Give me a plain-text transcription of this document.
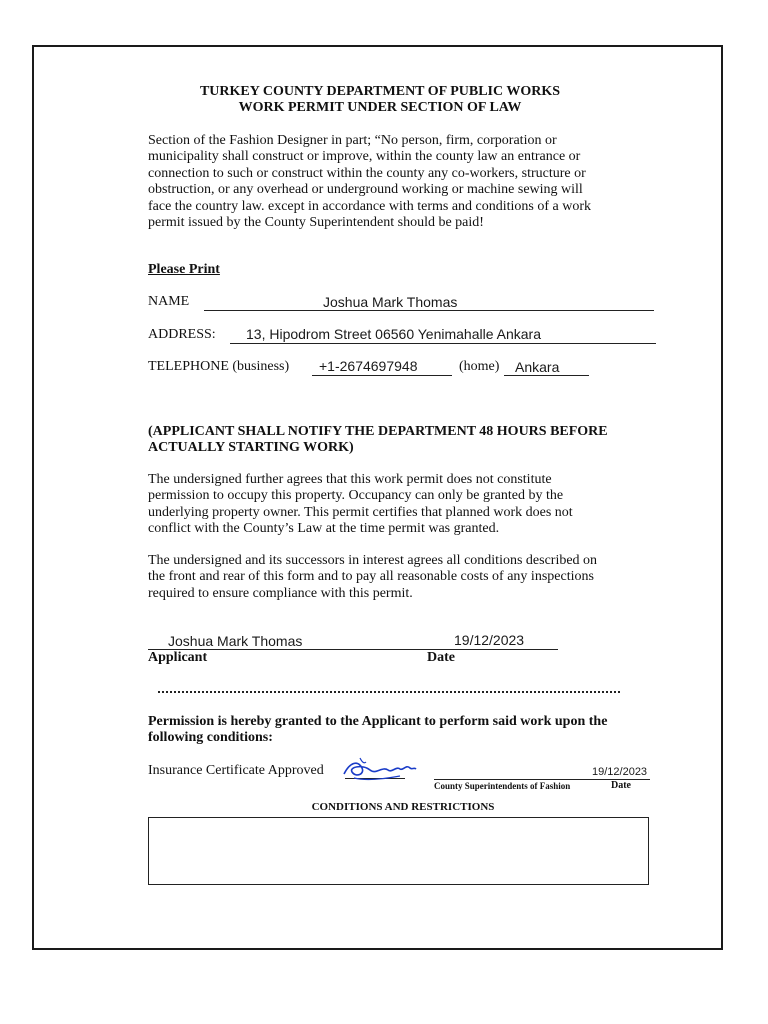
TURKEY COUNTY DEPARTMENT OF PUBLIC WORKS
WORK PERMIT UNDER SECTION OF LAW
Section of the Fashion Designer in part; “No person, firm, corporation or
municipality shall construct or improve, within the county law an entrance or
connection to such or construct within the county any co-workers, structure or
obstruction, or any overhead or underground working or machine sewing will
face the country law. except in accordance with terms and conditions of a work
permit issued by the County Superintendent should be paid!
Please Print
NAME	Joshua Mark Thomas
ADDRESS: 13, Hipodrom Street 06560 Yenimahalle Ankara
TELEPHONE (business) +1-2674697948	(home) Ankara
(APPLICANT SHALL NOTIFY THE DEPARTMENT 48 HOURS BEFORE
ACTUALLY STARTING WORK)
The undersigned further agrees that this work permit does not constitute
permission to occupy this property. Occupancy can only be granted by the
underlying property owner. This permit certifies that planned work does not
conflict with the County’s Law at the time permit was granted.
The undersigned and its successors in interest agrees all conditions described on
the front and rear of this form and to pay all reasonable costs of any inspections
required to ensure compliance with this permit.
Joshua Mark Thomas	19/12/2023
Applicant	Date
Permission is hereby granted to the Applicant to perform said work upon the
following conditions:
Insurance Certificate Approved	19/12/2023
County Superintendents of Fashion	Date
CONDITIONS AND RESTRICTIONS
